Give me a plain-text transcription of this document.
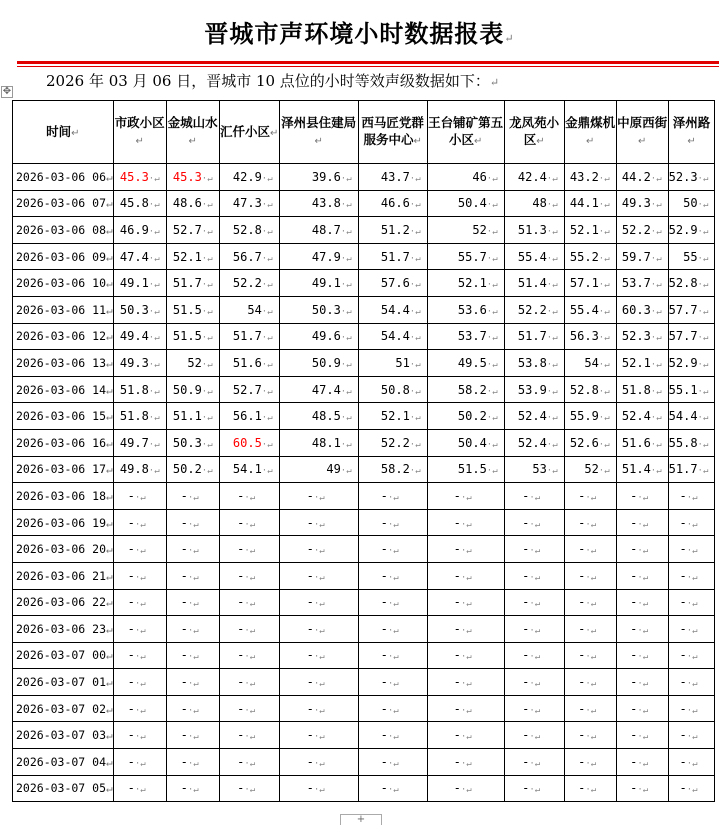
晋城市声环境小时数据报表 ↵
2026 年 03 月 06 日，晋城市 10 点位的小时等效声级数据如下： ↵
✥
时间 ↵	市政小区 ↵	金城山水 ↵	汇仟小区 ↵	泽州县住建局 ↵	西马匠党群服务中心 ↵	王台铺矿第五小区 ↵	龙凤苑小区 ↵	金鼎煤机 ↵	中原西街 ↵	泽州路 ↵
2026-03-06 06 ↵	45.3 ·↵	45.3 ·↵	42.9 ·↵	39.6 ·↵	43.7 ·↵	46 ·↵	42.4 ·↵	43.2 ·↵	44.2 ·↵	52.3 ·↵
2026-03-06 07 ↵	45.8 ·↵	48.6 ·↵	47.3 ·↵	43.8 ·↵	46.6 ·↵	50.4 ·↵	48 ·↵	44.1 ·↵	49.3 ·↵	50 ·↵
2026-03-06 08 ↵	46.9 ·↵	52.7 ·↵	52.8 ·↵	48.7 ·↵	51.2 ·↵	52 ·↵	51.3 ·↵	52.1 ·↵	52.2 ·↵	52.9 ·↵
2026-03-06 09 ↵	47.4 ·↵	52.1 ·↵	56.7 ·↵	47.9 ·↵	51.7 ·↵	55.7 ·↵	55.4 ·↵	55.2 ·↵	59.7 ·↵	55 ·↵
2026-03-06 10 ↵	49.1 ·↵	51.7 ·↵	52.2 ·↵	49.1 ·↵	57.6 ·↵	52.1 ·↵	51.4 ·↵	57.1 ·↵	53.7 ·↵	52.8 ·↵
2026-03-06 11 ↵	50.3 ·↵	51.5 ·↵	54 ·↵	50.3 ·↵	54.4 ·↵	53.6 ·↵	52.2 ·↵	55.4 ·↵	60.3 ·↵	57.7 ·↵
2026-03-06 12 ↵	49.4 ·↵	51.5 ·↵	51.7 ·↵	49.6 ·↵	54.4 ·↵	53.7 ·↵	51.7 ·↵	56.3 ·↵	52.3 ·↵	57.7 ·↵
2026-03-06 13 ↵	49.3 ·↵	52 ·↵	51.6 ·↵	50.9 ·↵	51 ·↵	49.5 ·↵	53.8 ·↵	54 ·↵	52.1 ·↵	52.9 ·↵
2026-03-06 14 ↵	51.8 ·↵	50.9 ·↵	52.7 ·↵	47.4 ·↵	50.8 ·↵	58.2 ·↵	53.9 ·↵	52.8 ·↵	51.8 ·↵	55.1 ·↵
2026-03-06 15 ↵	51.8 ·↵	51.1 ·↵	56.1 ·↵	48.5 ·↵	52.1 ·↵	50.2 ·↵	52.4 ·↵	55.9 ·↵	52.4 ·↵	54.4 ·↵
2026-03-06 16 ↵	49.7 ·↵	50.3 ·↵	60.5 ·↵	48.1 ·↵	52.2 ·↵	50.4 ·↵	52.4 ·↵	52.6 ·↵	51.6 ·↵	55.8 ·↵
2026-03-06 17 ↵	49.8 ·↵	50.2 ·↵	54.1 ·↵	49 ·↵	58.2 ·↵	51.5 ·↵	53 ·↵	52 ·↵	51.4 ·↵	51.7 ·↵
2026-03-06 18 ↵	- ·↵	- ·↵	- ·↵	- ·↵	- ·↵	- ·↵	- ·↵	- ·↵	- ·↵	- ·↵
2026-03-06 19 ↵	- ·↵	- ·↵	- ·↵	- ·↵	- ·↵	- ·↵	- ·↵	- ·↵	- ·↵	- ·↵
2026-03-06 20 ↵	- ·↵	- ·↵	- ·↵	- ·↵	- ·↵	- ·↵	- ·↵	- ·↵	- ·↵	- ·↵
2026-03-06 21 ↵	- ·↵	- ·↵	- ·↵	- ·↵	- ·↵	- ·↵	- ·↵	- ·↵	- ·↵	- ·↵
2026-03-06 22 ↵	- ·↵	- ·↵	- ·↵	- ·↵	- ·↵	- ·↵	- ·↵	- ·↵	- ·↵	- ·↵
2026-03-06 23 ↵	- ·↵	- ·↵	- ·↵	- ·↵	- ·↵	- ·↵	- ·↵	- ·↵	- ·↵	- ·↵
2026-03-07 00 ↵	- ·↵	- ·↵	- ·↵	- ·↵	- ·↵	- ·↵	- ·↵	- ·↵	- ·↵	- ·↵
2026-03-07 01 ↵	- ·↵	- ·↵	- ·↵	- ·↵	- ·↵	- ·↵	- ·↵	- ·↵	- ·↵	- ·↵
2026-03-07 02 ↵	- ·↵	- ·↵	- ·↵	- ·↵	- ·↵	- ·↵	- ·↵	- ·↵	- ·↵	- ·↵
2026-03-07 03 ↵	- ·↵	- ·↵	- ·↵	- ·↵	- ·↵	- ·↵	- ·↵	- ·↵	- ·↵	- ·↵
2026-03-07 04 ↵	- ·↵	- ·↵	- ·↵	- ·↵	- ·↵	- ·↵	- ·↵	- ·↵	- ·↵	- ·↵
2026-03-07 05 ↵	- ·↵	- ·↵	- ·↵	- ·↵	- ·↵	- ·↵	- ·↵	- ·↵	- ·↵	- ·↵
+
